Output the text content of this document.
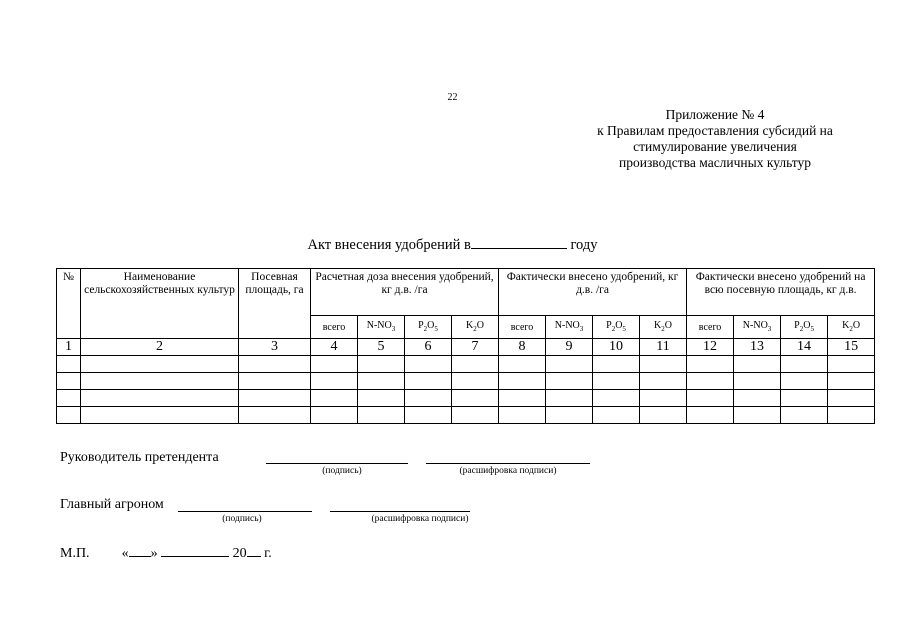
22
Приложение № 4
к Правилам предоставления субсидий на
стимулирование увеличения
производства масличных культур
Акт внесения удобрений в	году
№	Наименование сельскохозяйственных культур	Посевная площадь, га	Расчетная доза внесения удобрений, кг д.в. /га				Фактически внесено удобрений, кг д.в. /га				Фактически внесено удобрений на всю посевную площадь, кг д.в.			
			всего	$N-NO_3$	$P_2O_5$	$K_2O$	всего	$N-NO_3$	$P_2O_5$	$K_2O$	всего	$N-NO_3$	$P_2O_5$	$K_2O$
1	2	3	4	5	6	7	8	9	10	11	12	13	14	15

Руководитель претендента
(подпись)	(расшифровка подписи)
Главный агроном
(подпись)	(расшифровка подписи)
М.П. « »	20 г.
